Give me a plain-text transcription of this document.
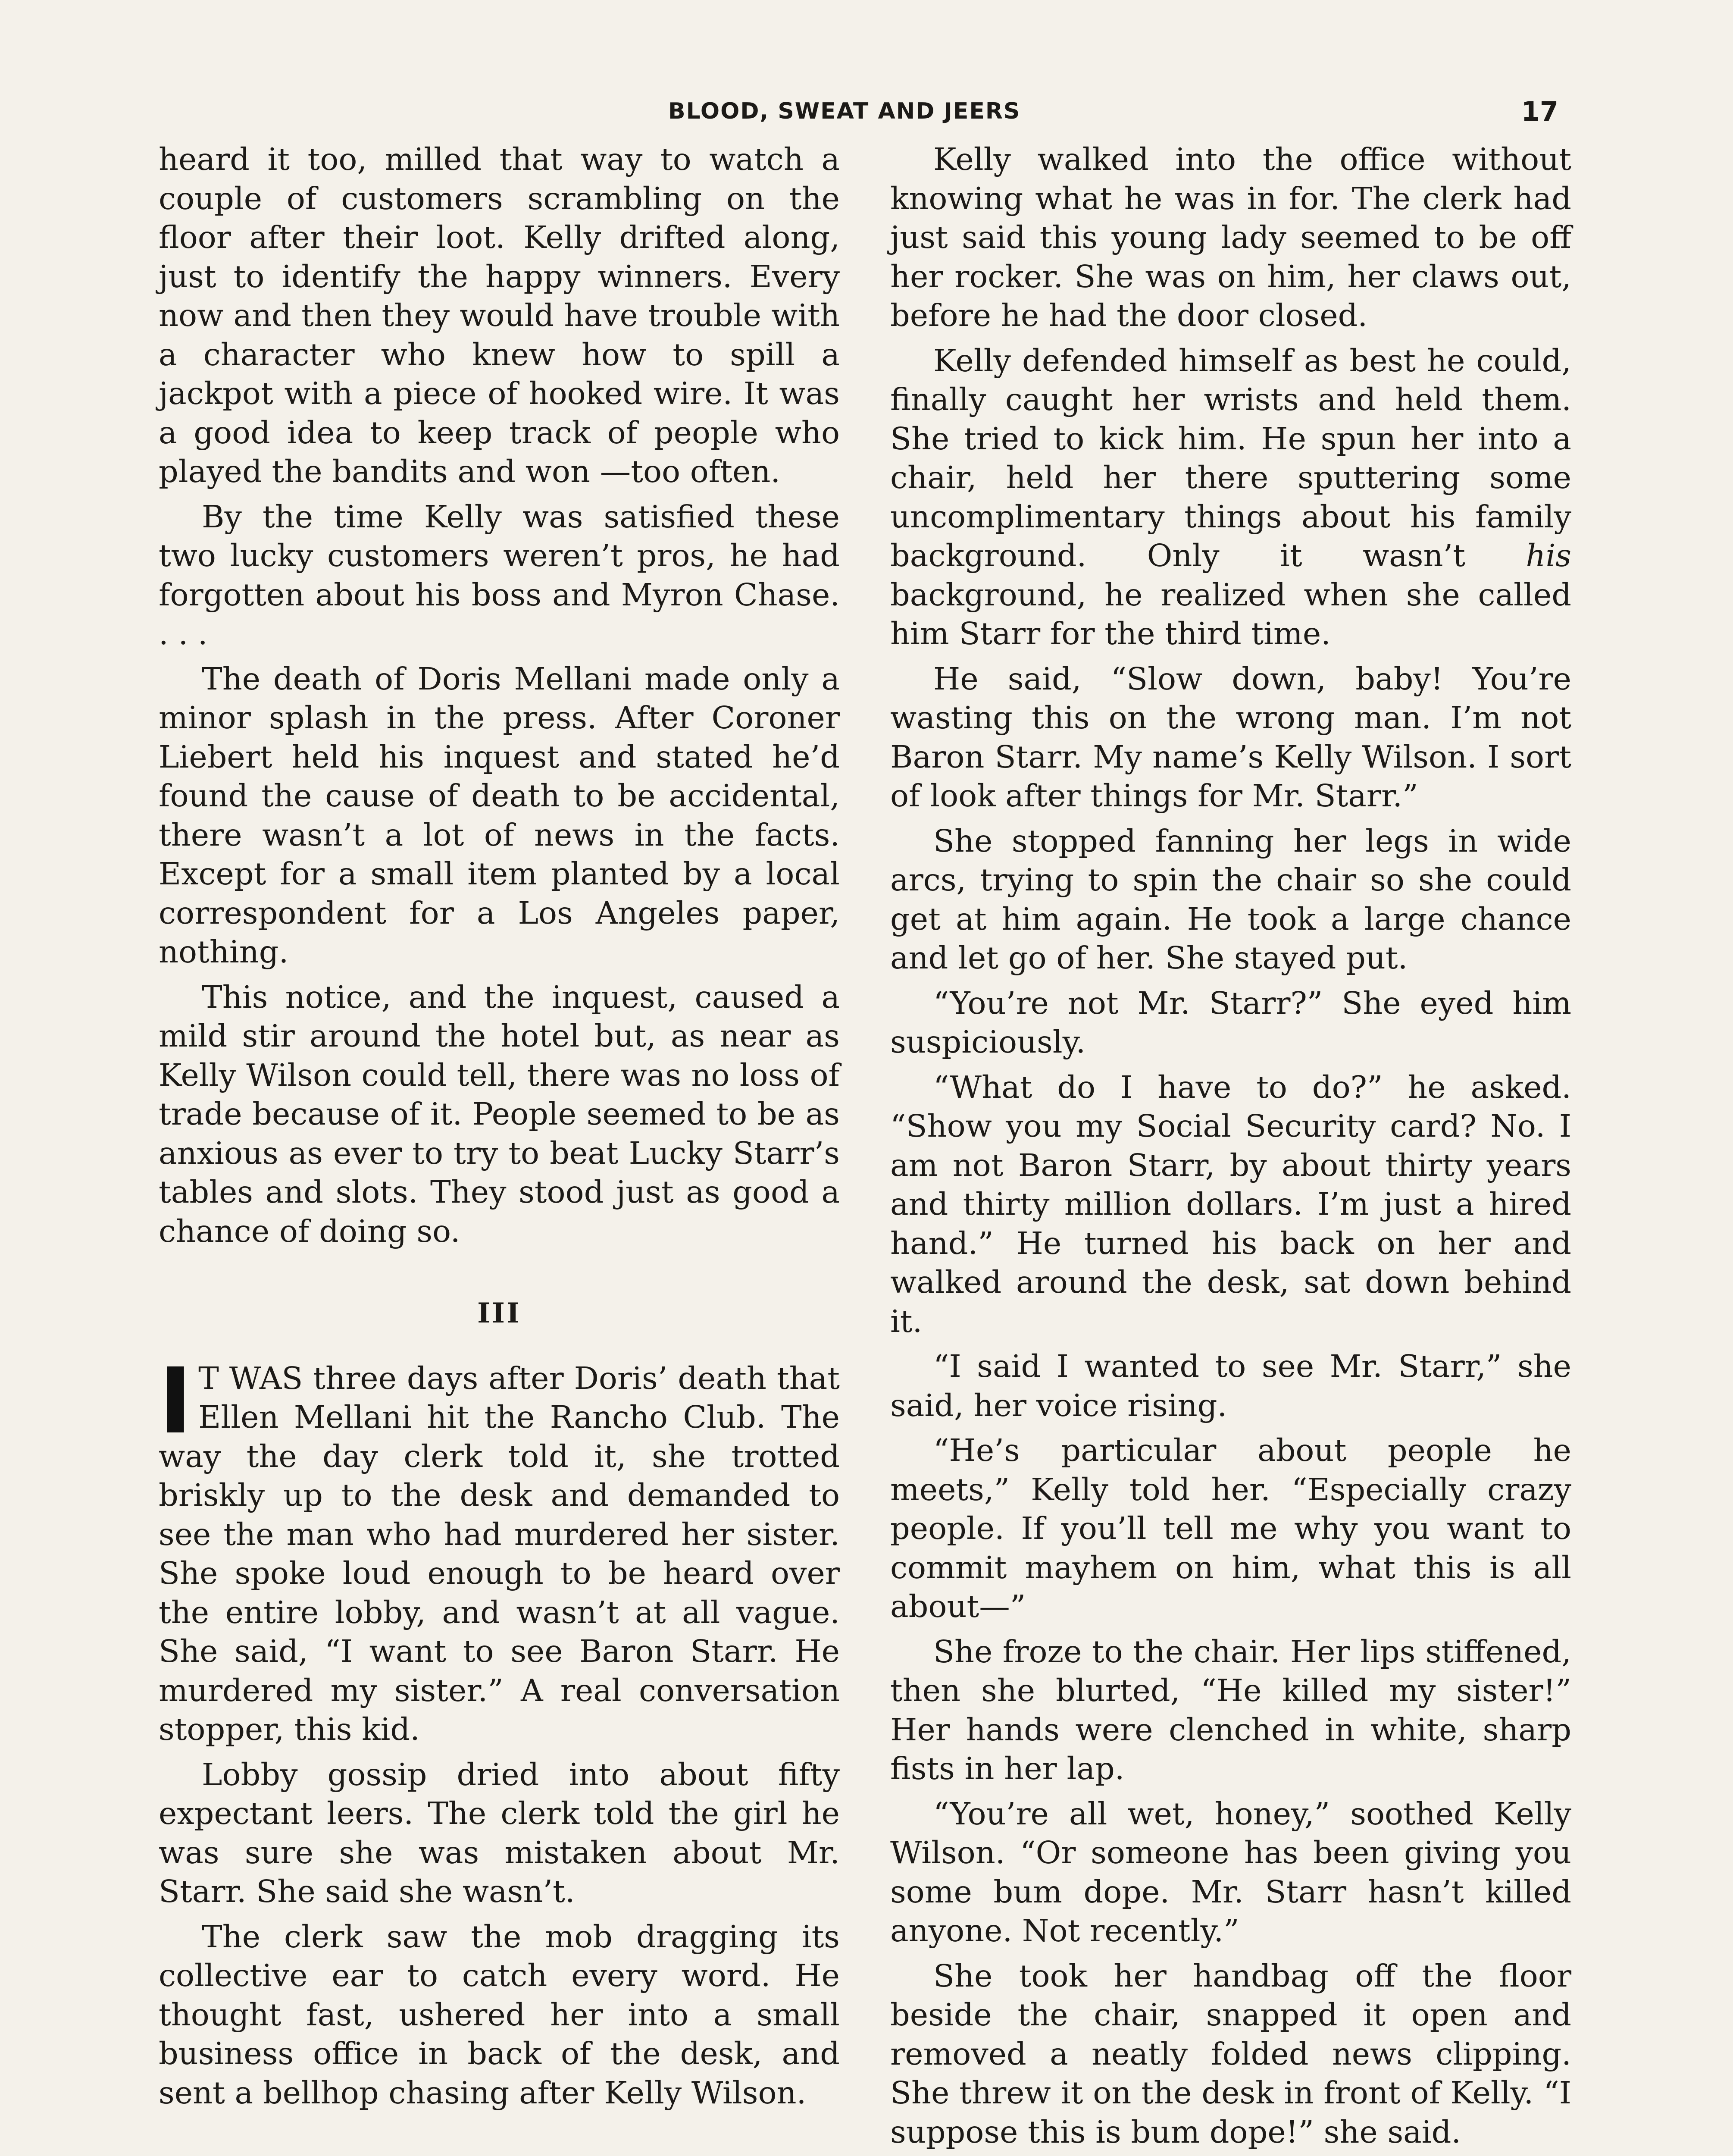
BLOOD, SWEAT AND JEERS	17

heard it too, milled that way to watch a couple of customers scrambling on the floor after their loot. Kelly drifted along, just to identify the happy winners. Every now and then they would have trouble with a character who knew how to spill a jackpot with a piece of hooked wire. It was a good idea to keep track of people who played the bandits and won —too often.

By the time Kelly was satisfied these two lucky customers weren’t pros, he had forgotten about his boss and Myron Chase. . . .

The death of Doris Mellani made only a minor splash in the press. After Coroner Liebert held his inquest and stated he’d found the cause of death to be accidental, there wasn’t a lot of news in the facts. Except for a small item planted by a local correspondent for a Los Angeles paper, nothing.

This notice, and the inquest, caused a mild stir around the hotel but, as near as Kelly Wilson could tell, there was no loss of trade because of it. People seemed to be as anxious as ever to try to beat Lucky Starr’s tables and slots. They stood just as good a chance of doing so.

III

I T WAS three days after Doris’ death that Ellen Mellani hit the Rancho Club. The way the day clerk told it, she trotted briskly up to the desk and demanded to see the man who had murdered her sister. She spoke loud enough to be heard over the entire lobby, and wasn’t at all vague. She said, “I want to see Baron Starr. He murdered my sister.” A real conversation stopper, this kid.

Lobby gossip dried into about fifty expectant leers. The clerk told the girl he was sure she was mistaken about Mr. Starr. She said she wasn’t.

The clerk saw the mob dragging its collective ear to catch every word. He thought fast, ushered her into a small business office in back of the desk, and sent a bellhop chasing after Kelly Wilson.

Kelly walked into the office without knowing what he was in for. The clerk had just said this young lady seemed to be off her rocker. She was on him, her claws out, before he had the door closed.

Kelly defended himself as best he could, finally caught her wrists and held them. She tried to kick him. He spun her into a chair, held her there sputtering some uncomplimentary things about his family background. Only it wasn’t his background, he realized when she called him Starr for the third time.

He said, “Slow down, baby! You’re wasting this on the wrong man. I’m not Baron Starr. My name’s Kelly Wilson. I sort of look after things for Mr. Starr.”

She stopped fanning her legs in wide arcs, trying to spin the chair so she could get at him again. He took a large chance and let go of her. She stayed put.

“You’re not Mr. Starr?” She eyed him suspiciously.

“What do I have to do?” he asked. “Show you my Social Security card? No. I am not Baron Starr, by about thirty years and thirty million dollars. I’m just a hired hand.” He turned his back on her and walked around the desk, sat down behind it.

“I said I wanted to see Mr. Starr,” she said, her voice rising.

“He’s particular about people he meets,” Kelly told her. “Especially crazy people. If you’ll tell me why you want to commit mayhem on him, what this is all about—”

She froze to the chair. Her lips stiffened, then she blurted, “He killed my sister!” Her hands were clenched in white, sharp fists in her lap.

“You’re all wet, honey,” soothed Kelly Wilson. “Or someone has been giving you some bum dope. Mr. Starr hasn’t killed anyone. Not recently.”

She took her handbag off the floor beside the chair, snapped it open and removed a neatly folded news clipping. She threw it on the desk in front of Kelly. “I suppose this is bum dope!” she said.
